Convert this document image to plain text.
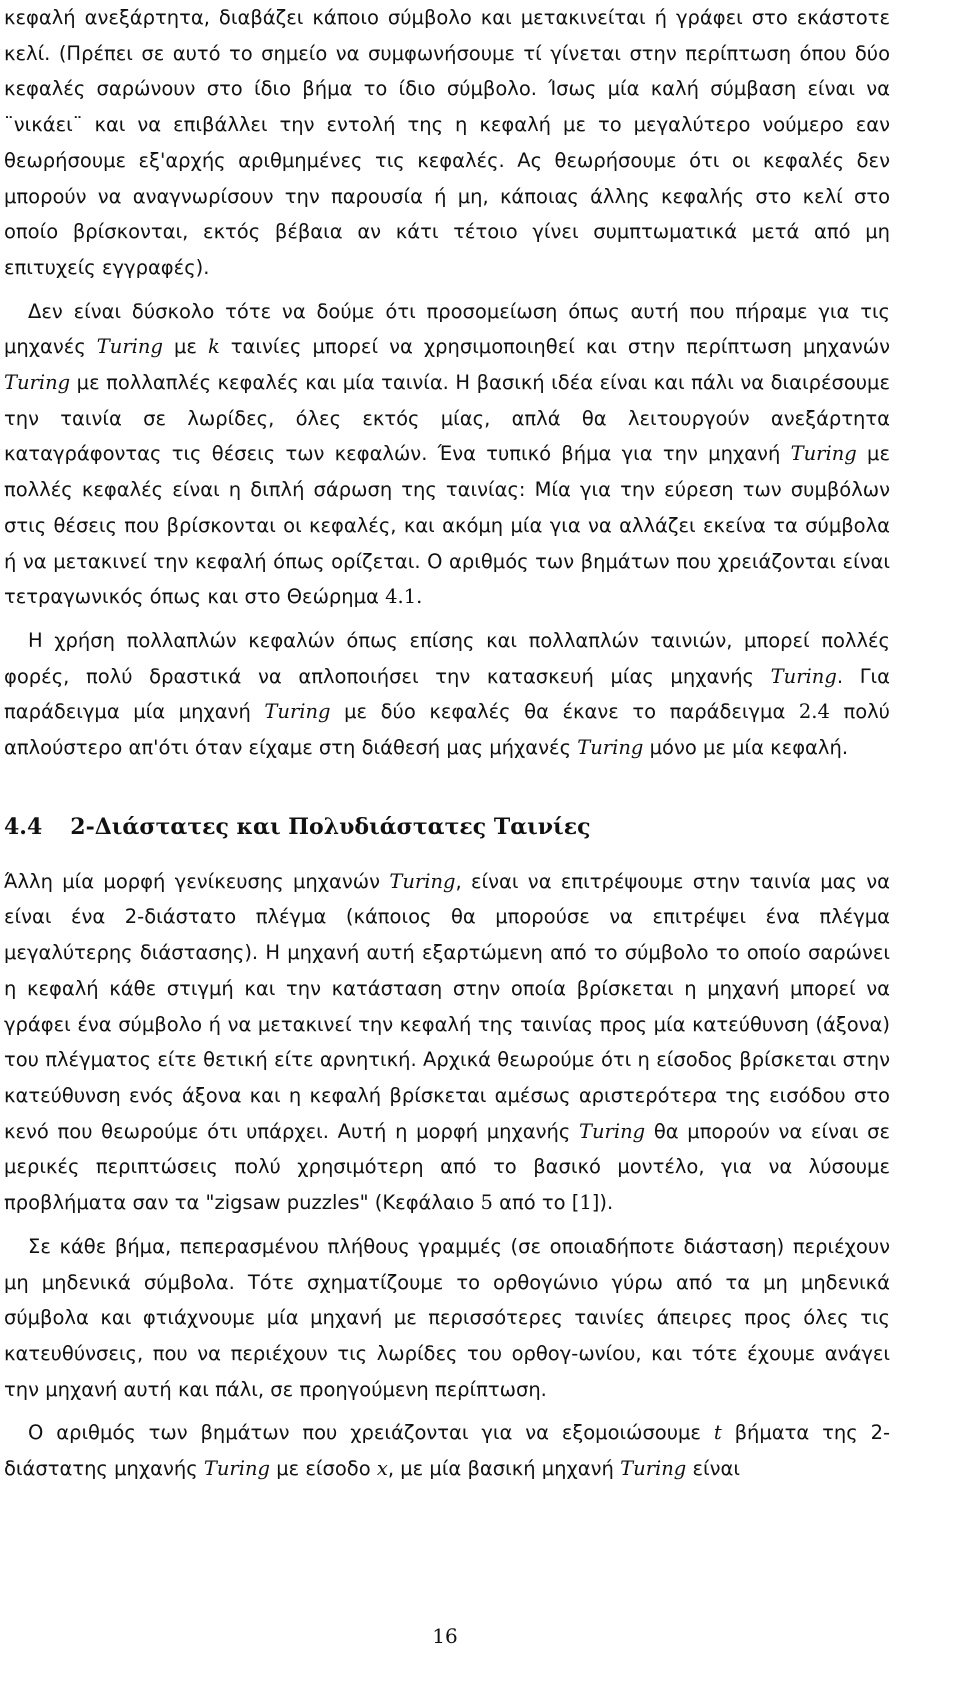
κεφαλή ανεξάρτητα, διαβάζει κάποιο σύμβολο και μετακινείται ή γράφει στο εκάστοτε κελί. (Πρέπει σε αυτό το σημείο να συμφωνήσουμε τί γίνεται στην περίπτωση όπου δύο κεφαλές σαρώνουν στο ίδιο βήμα το ίδιο σύμβολο. Ίσως μία καλή σύμβαση είναι να ¨νικάει¨ και να επιβάλλει την εντολή της η κεφαλή με το μεγαλύτερο νούμερο εαν θεωρήσουμε εξ'αρχής αριθμημένες τις κεφαλές. Ας θεωρήσουμε ότι οι κεφαλές δεν μπορούν να αναγνωρίσουν την παρουσία ή μη, κάποιας άλλης κεφαλής στο κελί στο οποίο βρίσκονται, εκτός βέβαια αν κάτι τέτοιο γίνει συμπτωματικά μετά από μη επιτυχείς εγγραφές).

Δεν είναι δύσκολο τότε να δούμε ότι προσομείωση όπως αυτή που πήραμε για τις μηχανές Turing με k ταινίες μπορεί να χρησιμοποιηθεί και στην περίπτωση μηχανών Turing με πολλαπλές κεφαλές και μία ταινία. Η βασική ιδέα είναι και πάλι να διαιρέσουμε την ταινία σε λωρίδες, όλες εκτός μίας, απλά θα λειτουργούν ανεξάρτητα καταγράφοντας τις θέσεις των κεφαλών. Ένα τυπικό βήμα για την μηχανή Turing με πολλές κεφαλές είναι η διπλή σάρωση της ταινίας: Μία για την εύρεση των συμβόλων στις θέσεις που βρίσκονται οι κεφαλές, και ακόμη μία για να αλλάζει εκείνα τα σύμβολα ή να μετακινεί την κεφαλή όπως ορίζεται. Ο αριθμός των βημάτων που χρειάζονται είναι τετραγωνικός όπως και στο Θεώρημα 4.1.

Η χρήση πολλαπλών κεφαλών όπως επίσης και πολλαπλών ταινιών, μπορεί πολλές φορές, πολύ δραστικά να απλοποιήσει την κατασκευή μίας μηχανής Turing. Για παράδειγμα μία μηχανή Turing με δύο κεφαλές θα έκανε το παράδειγμα 2.4 πολύ απλούστερο απ'ότι όταν είχαμε στη διάθεσή μας μήχανές Turing μόνο με μία κεφαλή.

4.4 2-Διάστατες και Πολυδιάστατες Ταινίες

Άλλη μία μορφή γενίκευσης μηχανών Turing, είναι να επιτρέψουμε στην ταινία μας να είναι ένα 2-διάστατο πλέγμα (κάποιος θα μπορούσε να επιτρέψει ένα πλέγμα μεγαλύτερης διάστασης). Η μηχανή αυτή εξαρτώμενη από το σύμβολο το οποίο σαρώνει η κεφαλή κάθε στιγμή και την κατάσταση στην οποία βρίσκεται η μηχανή μπορεί να γράφει ένα σύμβολο ή να μετακινεί την κεφαλή της ταινίας προς μία κατεύθυνση (άξονα) του πλέγματος είτε θετική είτε αρνητική. Αρχικά θεωρούμε ότι η είσοδος βρίσκεται στην κατεύθυνση ενός άξονα και η κεφαλή βρίσκεται αμέσως αριστερότερα της εισόδου στο κενό που θεωρούμε ότι υπάρχει. Αυτή η μορφή μηχανής Turing θα μπορούν να είναι σε μερικές περιπτώσεις πολύ χρησιμότερη από το βασικό μοντέλο, για να λύσουμε προβλήματα σαν τα "zigsaw puzzles" (Κεφάλαιο 5 από το [1]).

Σε κάθε βήμα, πεπερασμένου πλήθους γραμμές (σε οποιαδήποτε διάσταση) περιέχουν μη μηδενικά σύμβολα. Τότε σχηματίζουμε το ορθογώνιο γύρω από τα μη μηδενικά σύμβολα και φτιάχνουμε μία μηχανή με περισσότερες ταινίες άπειρες προς όλες τις κατευθύνσεις, που να περιέχουν τις λωρίδες του ορθογ-ωνίου, και τότε έχουμε ανάγει την μηχανή αυτή και πάλι, σε προηγούμενη περίπτωση.

Ο αριθμός των βημάτων που χρειάζονται για να εξομοιώσουμε t βήματα της 2-διάστατης μηχανής Turing με είσοδο x, με μία βασική μηχανή Turing είναι

16
